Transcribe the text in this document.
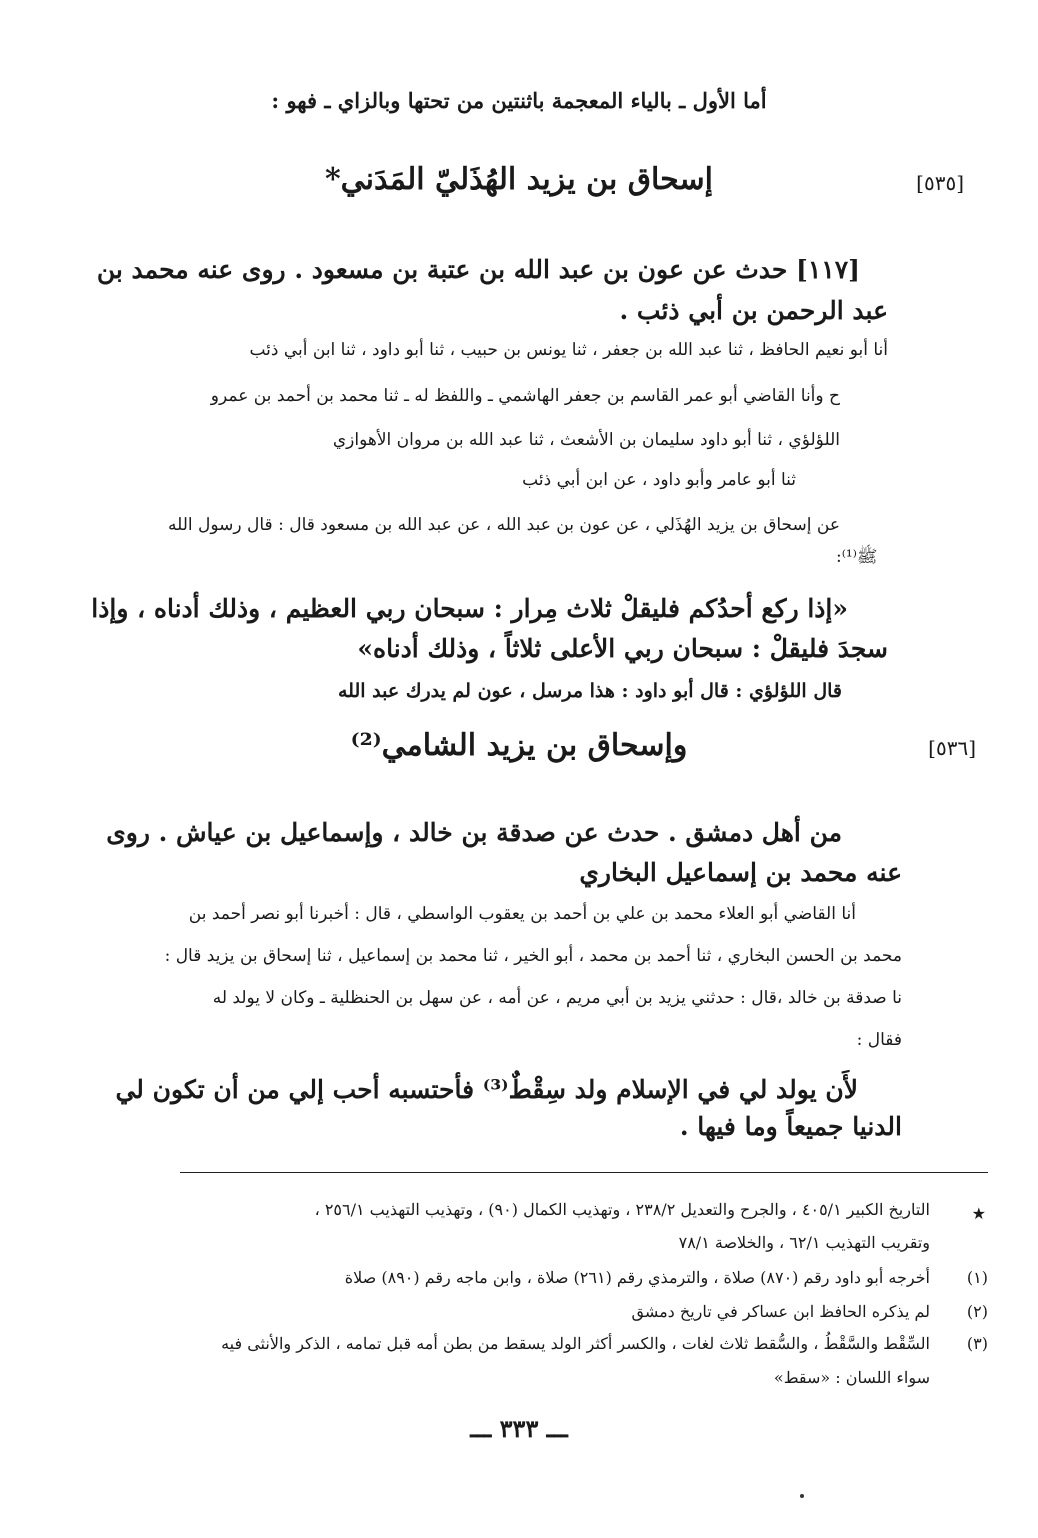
أما الأول ـ بالياء المعجمة باثنتين من تحتها وبالزاي ـ فهو :
[٥٣٥]
إسحاق بن يزيد الهُذَليّ المَدَني*
[١١٧] حدث عن عون بن عبد الله بن عتبة بن مسعود . روى عنه محمد بن
عبد الرحمن بن أبي ذئب .
أنا أبو نعيم الحافظ ، ثنا عبد الله بن جعفر ، ثنا يونس بن حبيب ، ثنا أبو داود ، ثنا ابن أبي ذئب
ح وأنا القاضي أبو عمر القاسم بن جعفر الهاشمي ـ واللفظ له ـ ثنا محمد بن أحمد بن عمرو
اللؤلؤي ، ثنا أبو داود سليمان بن الأشعث ، ثنا عبد الله بن مروان الأهوازي
ثنا أبو عامر وأبو داود ، عن ابن أبي ذئب
عن إسحاق بن يزيد الهُذَلي ، عن عون بن عبد الله ، عن عبد الله بن مسعود قال : قال رسول الله
ﷺ⁽¹⁾:
«إذا ركع أحدُكم فليقلْ ثلاث مِرار : سبحان ربي العظيم ، وذلك أدناه ، وإذا
سجدَ فليقلْ : سبحان ربي الأعلى ثلاثاً ، وذلك أدناه»
قال اللؤلؤي : قال أبو داود : هذا مرسل ، عون لم يدرك عبد الله
[٥٣٦]
وإسحاق بن يزيد الشامي⁽²⁾
من أهل دمشق . حدث عن صدقة بن خالد ، وإسماعيل بن عياش . روى
عنه محمد بن إسماعيل البخاري
أنا القاضي أبو العلاء محمد بن علي بن أحمد بن يعقوب الواسطي ، قال : أخبرنا أبو نصر أحمد بن
محمد بن الحسن البخاري ، ثنا أحمد بن محمد ، أبو الخير ، ثنا محمد بن إسماعيل ، ثنا إسحاق بن يزيد قال :
نا صدقة بن خالد ،قال : حدثني يزيد بن أبي مريم ، عن أمه ، عن سهل بن الحنظلية ـ وكان لا يولد له
فقال :
لأَن يولد لي في الإسلام ولد سِقْطٌ⁽³⁾ فأحتسبه أحب إلي من أن تكون لي
الدنيا جميعاً وما فيها .
★
التاريخ الكبير ٤٠٥/١ ، والجرح والتعديل ٢٣٨/٢ ، وتهذيب الكمال (٩٠) ، وتهذيب التهذيب ٢٥٦/١ ،
وتقريب التهذيب ٦٢/١ ، والخلاصة ٧٨/١
(١)
أخرجه أبو داود رقم (٨٧٠) صلاة ، والترمذي رقم (٢٦١) صلاة ، وابن ماجه رقم (٨٩٠) صلاة
(٢)
لم يذكره الحافظ ابن عساكر في تاريخ دمشق
(٣)
السِّقْط والسَّقْطُ ، والسُّقط ثلاث لغات ، والكسر أكثر الولد يسقط من بطن أمه قبل تمامه ، الذكر والأنثى فيه
سواء اللسان : «سقط»
ـــ ٣٣٣ ـــ
